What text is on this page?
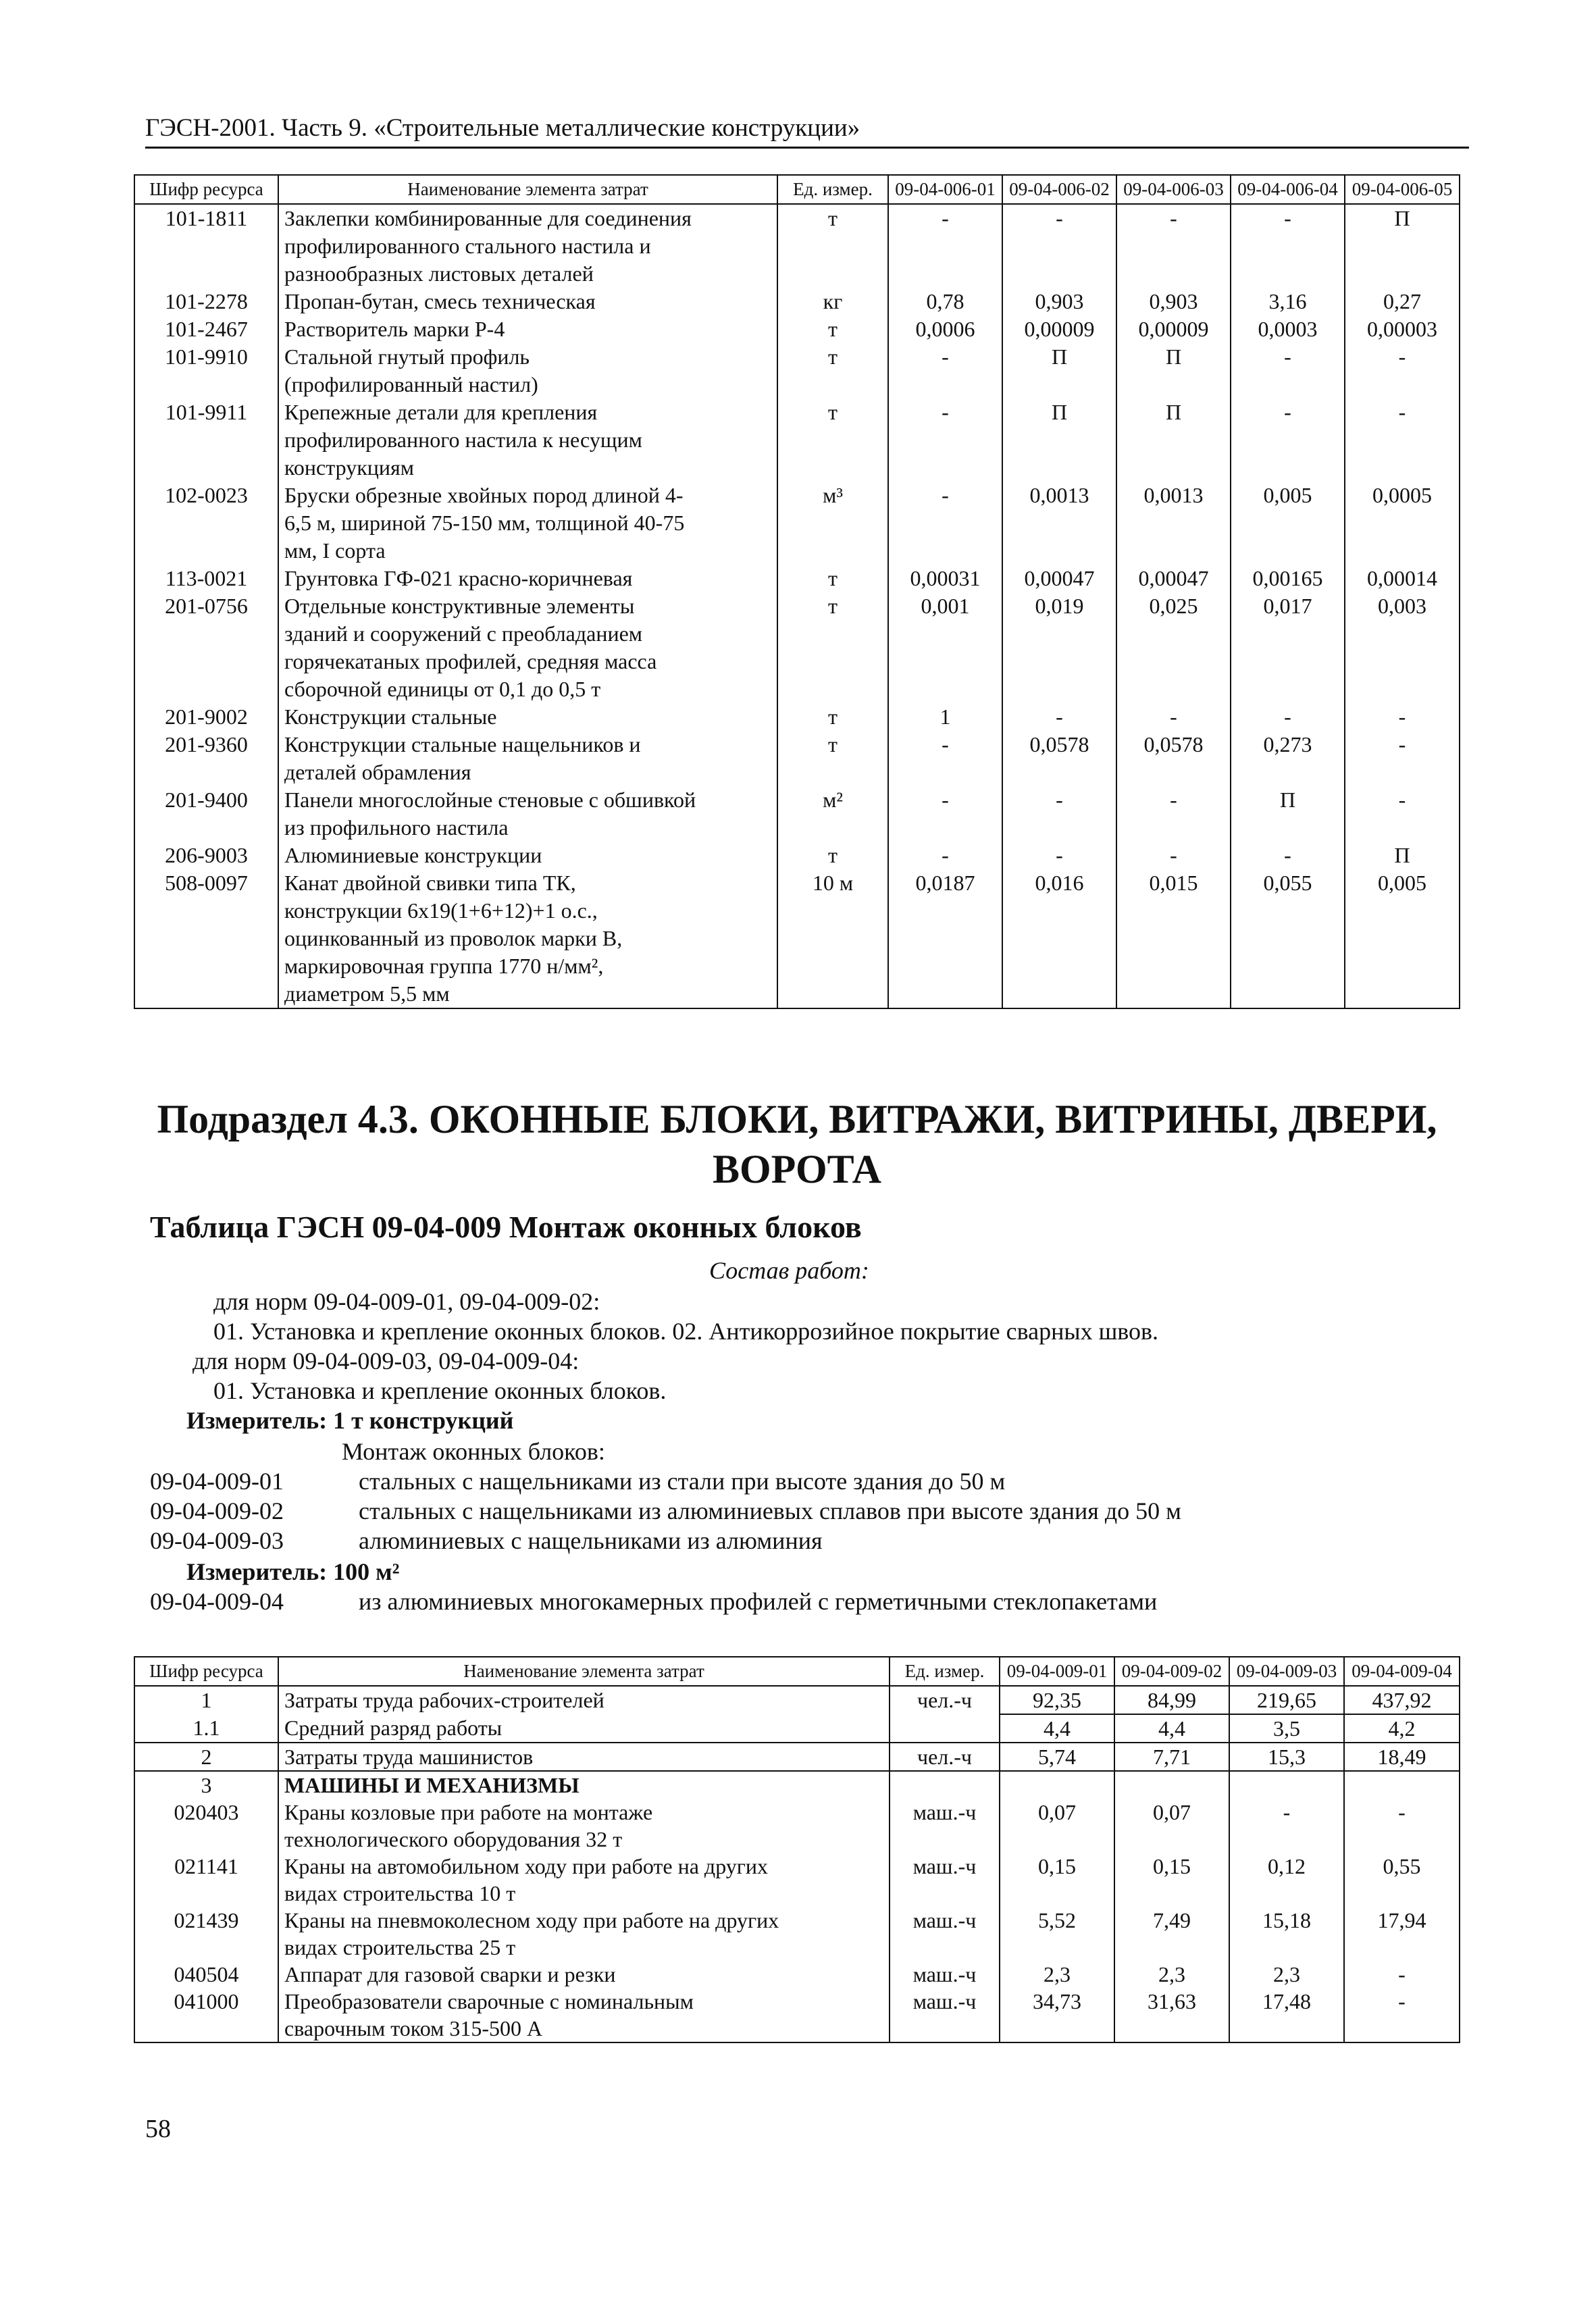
ГЭСН-2001. Часть 9. «Строительные металлические конструкции»
Шифр ресурса	Наименование элемента затрат	Ед. измер.	09-04-006-01	09-04-006-02	09-04-006-03	09-04-006-04	09-04-006-05
101-1811	Заклепки комбинированные для соединения
профилированного стального настила и
разнообразных листовых деталей	т	-	-	-	-	П
101-2278	Пропан-бутан, смесь техническая	кг	0,78	0,903	0,903	3,16	0,27
101-2467	Растворитель марки Р-4	т	0,0006	0,00009	0,00009	0,0003	0,00003
101-9910	Стальной гнутый профиль
(профилированный настил)	т	-	П	П	-	-
101-9911	Крепежные детали для крепления
профилированного настила к несущим
конструкциям	т	-	П	П	-	-
102-0023	Бруски обрезные хвойных пород длиной 4-
6,5 м, шириной 75-150 мм, толщиной 40-75
мм, I сорта	м³	-	0,0013	0,0013	0,005	0,0005
113-0021	Грунтовка ГФ-021 красно-коричневая	т	0,00031	0,00047	0,00047	0,00165	0,00014
201-0756	Отдельные конструктивные элементы
зданий и сооружений с преобладанием
горячекатаных профилей, средняя масса
сборочной единицы от 0,1 до 0,5 т	т	0,001	0,019	0,025	0,017	0,003
201-9002	Конструкции стальные	т	1	-	-	-	-
201-9360	Конструкции стальные нащельников и
деталей обрамления	т	-	0,0578	0,0578	0,273	-
201-9400	Панели многослойные стеновые с обшивкой
из профильного настила	м²	-	-	-	П	-
206-9003	Алюминиевые конструкции	т	-	-	-	-	П
508-0097	Канат двойной свивки типа ТК,
конструкции 6х19(1+6+12)+1 о.с.,
оцинкованный из проволок марки В,
маркировочная группа 1770 н/мм²,
диаметром 5,5 мм	10 м	0,0187	0,016	0,015	0,055	0,005
Подраздел 4.3. ОКОННЫЕ БЛОКИ, ВИТРАЖИ, ВИТРИНЫ, ДВЕРИ,
ВОРОТА
Таблица ГЭСН 09-04-009 Монтаж оконных блоков
Состав работ:
для норм 09-04-009-01, 09-04-009-02:
01. Установка и крепление оконных блоков. 02. Антикоррозийное покрытие сварных швов.
для норм 09-04-009-03, 09-04-009-04:
01. Установка и крепление оконных блоков.
Измеритель: 1 т конструкций
Монтаж оконных блоков:
09-04-009-01	стальных с нащельниками из стали при высоте здания до 50 м
09-04-009-02	стальных с нащельниками из алюминиевых сплавов при высоте здания до 50 м
09-04-009-03	алюминиевых с нащельниками из алюминия
Измеритель: 100 м²
09-04-009-04	из алюминиевых многокамерных профилей с герметичными стеклопакетами
Шифр ресурса	Наименование элемента затрат	Ед. измер.	09-04-009-01	09-04-009-02	09-04-009-03	09-04-009-04
1	Затраты труда рабочих-строителей	чел.-ч	92,35	84,99	219,65	437,92
1.1	Средний разряд работы		4,4	4,4	3,5	4,2
2	Затраты труда машинистов	чел.-ч	5,74	7,71	15,3	18,49
3	МАШИНЫ И МЕХАНИЗМЫ					

020403	Краны козловые при работе на монтаже
технологического оборудования 32 т	маш.-ч	0,07	0,07	-	-
021141	Краны на автомобильном ходу при работе на других
видах строительства 10 т	маш.-ч	0,15	0,15	0,12	0,55
021439	Краны на пневмоколесном ходу при работе на других
видах строительства 25 т	маш.-ч	5,52	7,49	15,18	17,94
040504	Аппарат для газовой сварки и резки	маш.-ч	2,3	2,3	2,3	-
041000	Преобразователи сварочные с номинальным
сварочным током 315-500 А	маш.-ч	34,73	31,63	17,48	-
58
